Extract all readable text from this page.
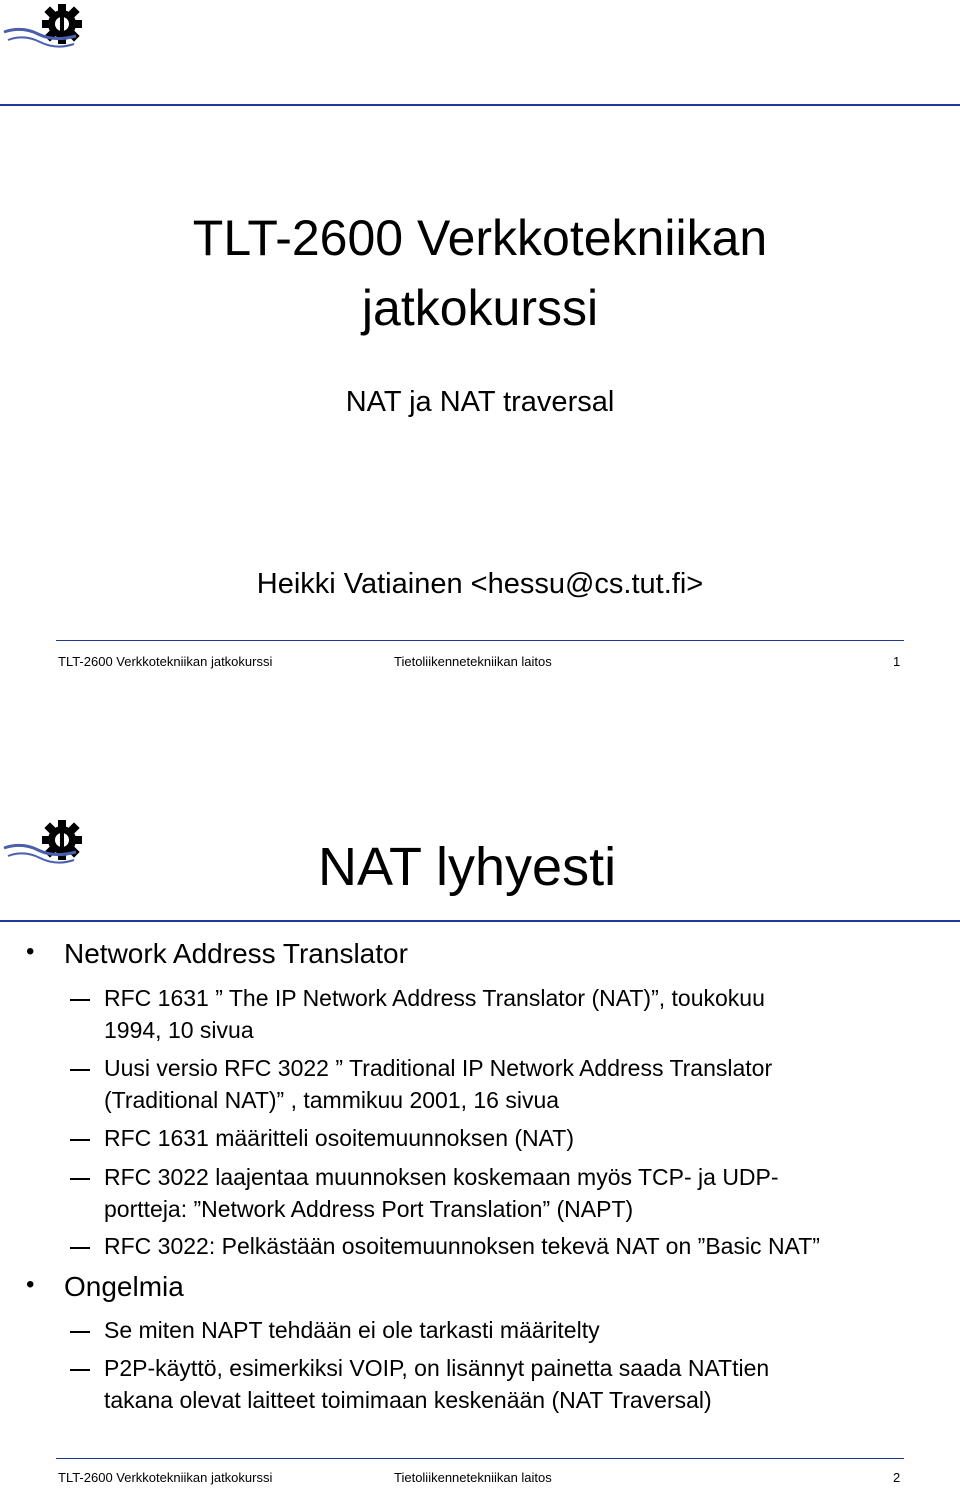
TLT-2600 Verkkotekniikan
jatkokurssi
NAT ja NAT traversal
Heikki Vatiainen <hessu@cs.tut.fi>
TLT-2600 Verkkotekniikan jatkokurssi	Tietoliikennetekniikan laitos	1
NAT lyhyesti
• Network Address Translator
RFC 1631 ” The IP Network Address Translator (NAT)”, toukokuu
1994, 10 sivua
Uusi versio RFC 3022 ” Traditional IP Network Address Translator
(Traditional NAT)” , tammikuu 2001, 16 sivua
RFC 1631 määritteli osoitemuunnoksen (NAT)
RFC 3022 laajentaa muunnoksen koskemaan myös TCP- ja UDP-
portteja: ”Network Address Port Translation” (NAPT)
RFC 3022: Pelkästään osoitemuunnoksen tekevä NAT on ”Basic NAT”
• Ongelmia
Se miten NAPT tehdään ei ole tarkasti määritelty
P2P-käyttö, esimerkiksi VOIP, on lisännyt painetta saada NATtien
takana olevat laitteet toimimaan keskenään (NAT Traversal)
TLT-2600 Verkkotekniikan jatkokurssi	Tietoliikennetekniikan laitos	2
